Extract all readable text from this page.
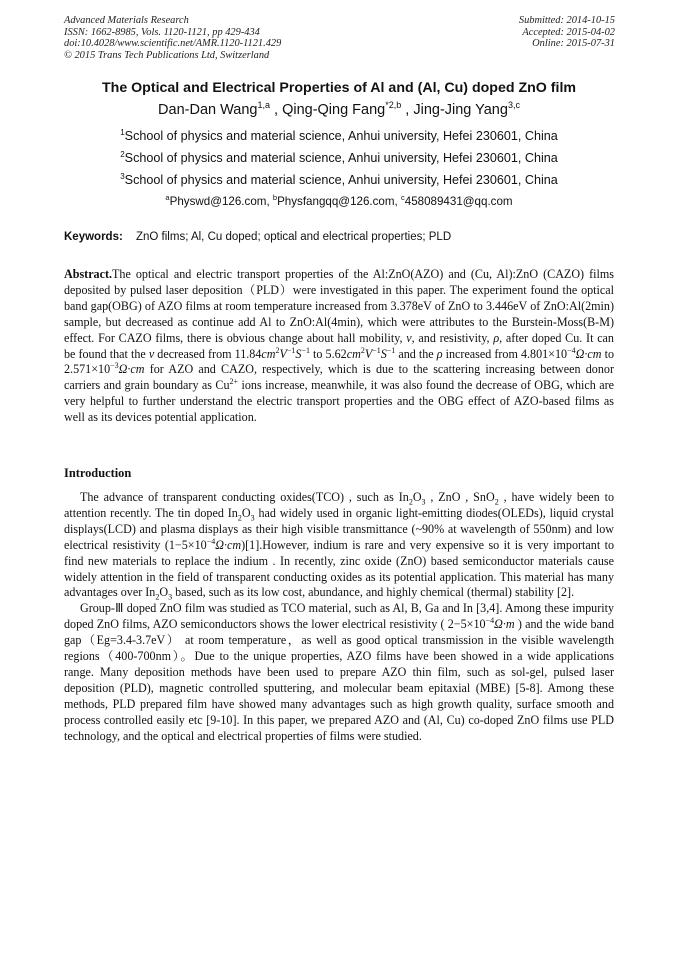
Advanced Materials Research
ISSN: 1662-8985, Vols. 1120-1121, pp 429-434
doi:10.4028/www.scientific.net/AMR.1120-1121.429
© 2015 Trans Tech Publications Ltd, Switzerland
Submitted: 2014-10-15
Accepted: 2015-04-02
Online: 2015-07-31
The Optical and Electrical Properties of Al and (Al, Cu) doped ZnO film
Dan-Dan Wang$^{1,a}$ , Qing-Qing Fang$^{*2,b}$ , Jing-Jing Yang$^{3,c}$
$^1$School of physics and material science, Anhui university, Hefei 230601, China
$^2$School of physics and material science, Anhui university, Hefei 230601, China
$^3$School of physics and material science, Anhui university, Hefei 230601, China
$^a$Physwd@126.com, $^b$Physfangqq@126.com, $^c$458089431@qq.com
Keywords: ZnO films; Al, Cu doped; optical and electrical properties; PLD

Abstract.The optical and electric transport properties of the Al:ZnO(AZO) and (Cu, Al):ZnO (CAZO) films deposited by pulsed laser deposition（PLD）were investigated in this paper. The experiment found the optical band gap(OBG) of AZO films at room temperature increased from 3.378eV of ZnO to 3.446eV of ZnO:Al(2min) sample, but decreased as continue add Al to ZnO:Al(4min), which were attributes to the Burstein-Moss(B-M) effect. For CAZO films, there is obvious change about hall mobility, ν, and resistivity, ρ, after doped Cu. It can be found that the ν decreased from $11.84cm^2V^{-1}S^{-1}$ to $5.62cm^2V^{-1}S^{-1}$ and the ρ increased from $4.801\times 10^{-4}\Omega\cdot cm$ to $2.571\times 10^{-3}\Omega\cdot cm$ for AZO and CAZO, respectively, which is due to the scattering increasing between donor carriers and grain boundary as $Cu^{2+}$ ions increase, meanwhile, it was also found the decrease of OBG, which are very helpful to further understand the electric transport properties and the OBG effect of AZO-based films as well as its devices potential application.

Introduction

The advance of transparent conducting oxides(TCO) , such as $In_2O_3$ , ZnO , SnO$_2$ , have widely been to attention recently. The tin doped $In_2O_3$ had widely used in organic light-emitting diodes(OLEDs), liquid crystal displays(LCD) and plasma displays as their high visible transmittance (~90% at wavelength of 550nm) and low electrical resistivity $(1-5\times 10^{-4}\Omega\cdot cm)[1].However$, indium is rare and very expensive so it is very important to find new materials to replace the indium . In recently, zinc oxide (ZnO) based semiconductor materials cause widely attention in the field of transparent conducting oxides as its potential application. This material has many advantages over $In_2O_3$ based, such as its low cost, abundance, and highly chemical (thermal) stability [2].

Group-Ⅲ doped ZnO film was studied as TCO material, such as Al, B, Ga and In [3,4]. Among these impurity doped ZnO films, AZO semiconductors shows the lower electrical resistivity ( $2-5\times 10^{-4}\Omega\cdot m$ ) and the wide band gap（Eg=3.4-3.7eV） at room temperature，as well as good optical transmission in the visible wavelength regions（400-700nm）。Due to the unique properties, AZO films have been showed in a wide applications range. Many deposition methods have been used to prepare AZO thin film, such as sol-gel, pulsed laser deposition (PLD), magnetic controlled sputtering, and molecular beam epitaxial (MBE) [5-8]. Among these methods, PLD prepared film have showed many advantages such as high growth quality, surface smooth and process controlled easily etc [9-10]. In this paper, we prepared AZO and (Al, Cu) co-doped ZnO films use PLD technology, and the optical and electrical properties of films were studied.
